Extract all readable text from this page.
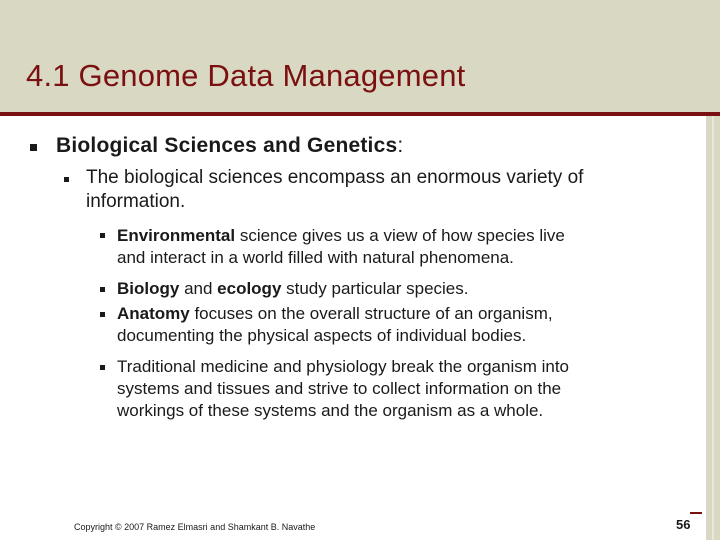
4.1 Genome Data Management
Biological Sciences and Genetics:
The biological sciences encompass an enormous variety of
information.
Environmental science gives us a view of how species live
and interact in a world filled with natural phenomena.
Biology and ecology study particular species.
Anatomy focuses on the overall structure of an organism,
documenting the physical aspects of individual bodies.
Traditional medicine and physiology break the organism into
systems and tissues and strive to collect information on the
workings of these systems and the organism as a whole.
Copyright © 2007 Ramez Elmasri and Shamkant B. Navathe	56
